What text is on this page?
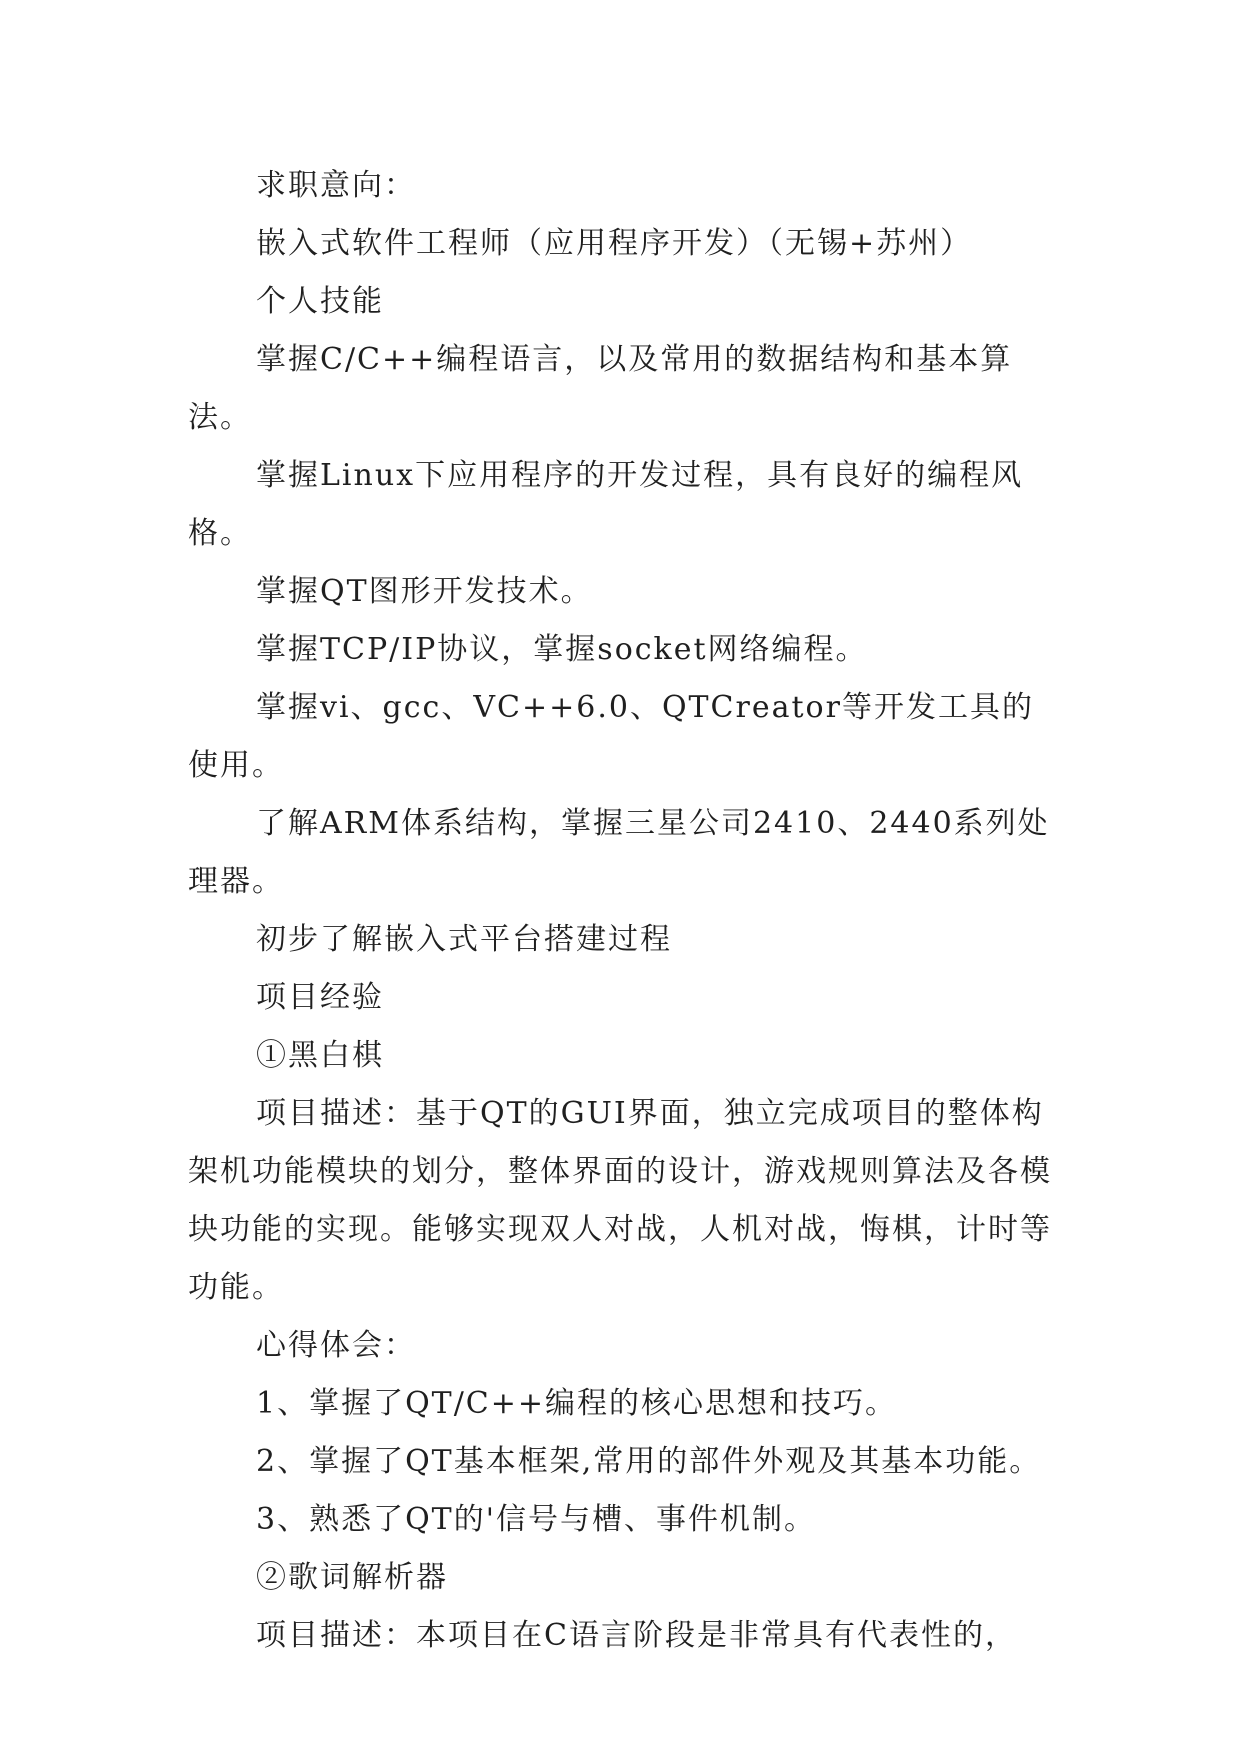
求职意向：

嵌入式软件工程师（应用程序开发）（无锡+苏州）

个人技能

掌握C/C++编程语言，以及常用的数据结构和基本算法。

掌握Linux下应用程序的开发过程，具有良好的编程风格。

掌握QT图形开发技术。

掌握TCP/IP协议，掌握socket网络编程。

掌握vi、gcc、VC++6.0、QTCreator等开发工具的使用。

了解ARM体系结构，掌握三星公司2410、2440系列处理器。

初步了解嵌入式平台搭建过程

项目经验

①黑白棋

项目描述：基于QT的GUI界面，独立完成项目的整体构架机功能模块的划分，整体界面的设计，游戏规则算法及各模块功能的实现。能够实现双人对战，人机对战，悔棋，计时等功能。

心得体会：

1、掌握了QT/C++编程的核心思想和技巧。

2、掌握了QT基本框架,常用的部件外观及其基本功能。

3、熟悉了QT的'信号与槽、事件机制。

②歌词解析器

项目描述：本项目在C语言阶段是非常具有代表性的，
